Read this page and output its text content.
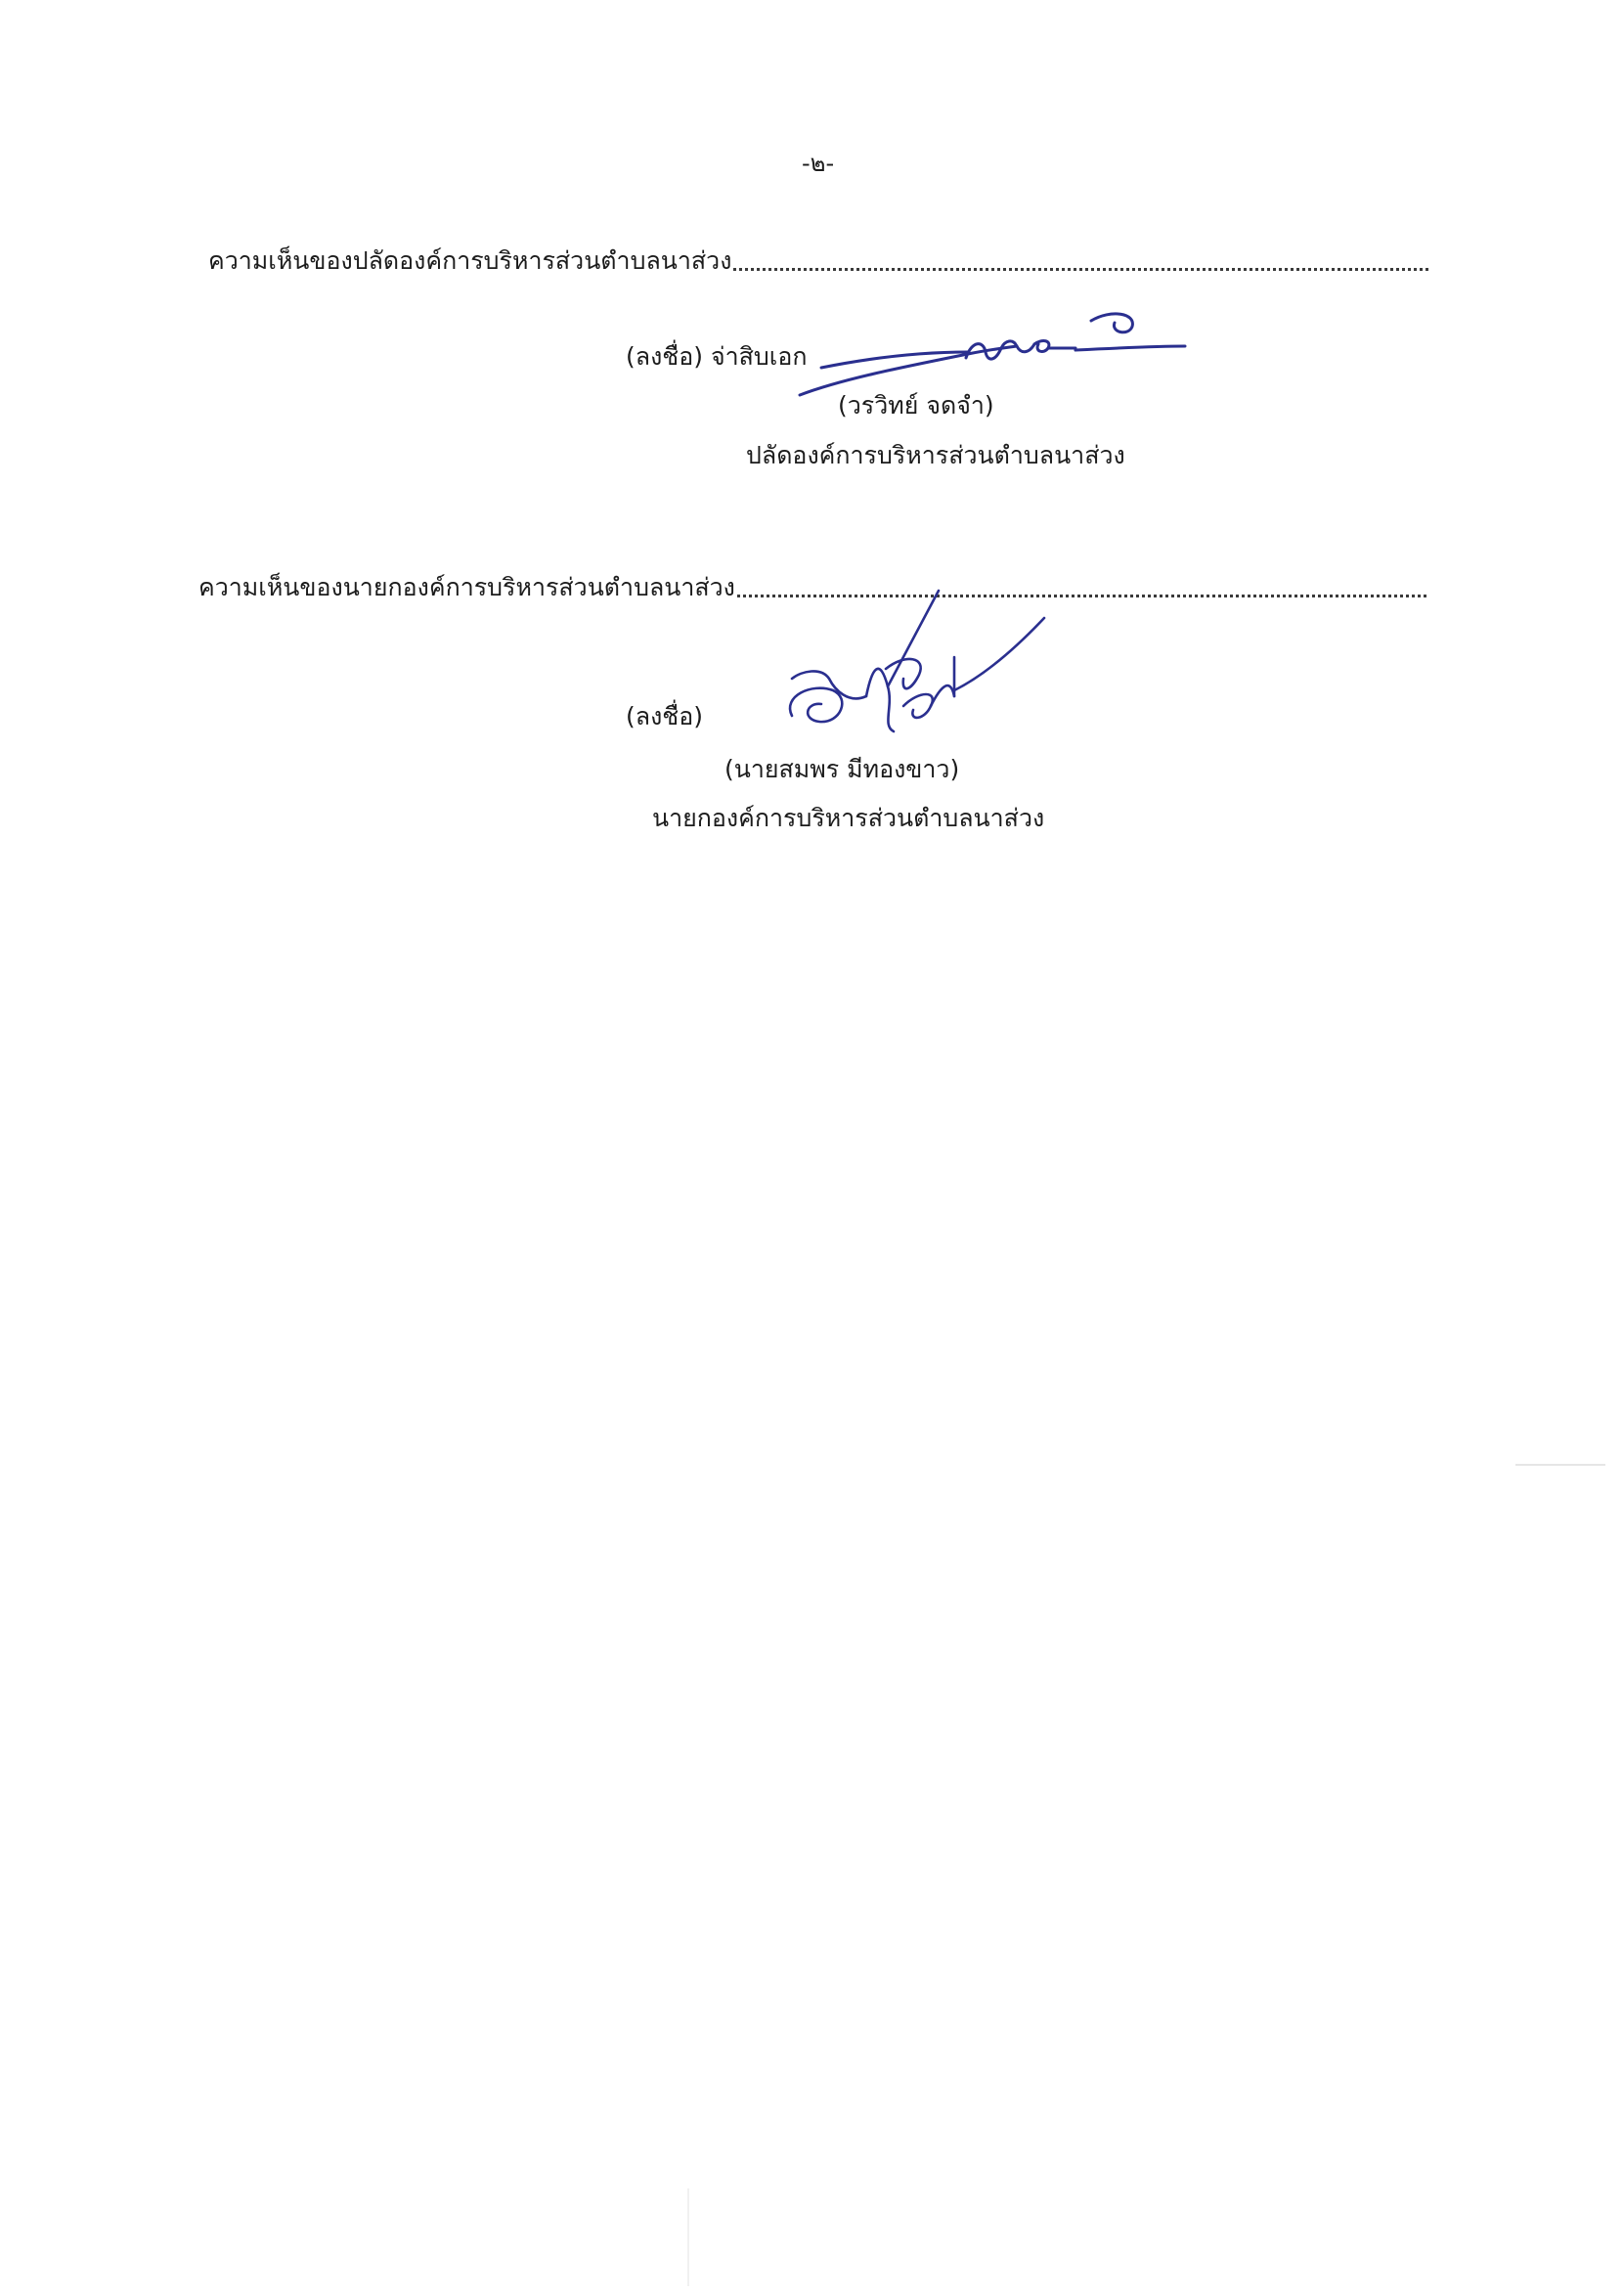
-๒-
ความเห็นของปลัดองค์การบริหารส่วนตำบลนาส่วง
(ลงชื่อ) จ่าสิบเอก
(วรวิทย์ จดจำ)
ปลัดองค์การบริหารส่วนตำบลนาส่วง
ความเห็นของนายกองค์การบริหารส่วนตำบลนาส่วง
(ลงชื่อ)
(นายสมพร มีทองขาว)
นายกองค์การบริหารส่วนตำบลนาส่วง
